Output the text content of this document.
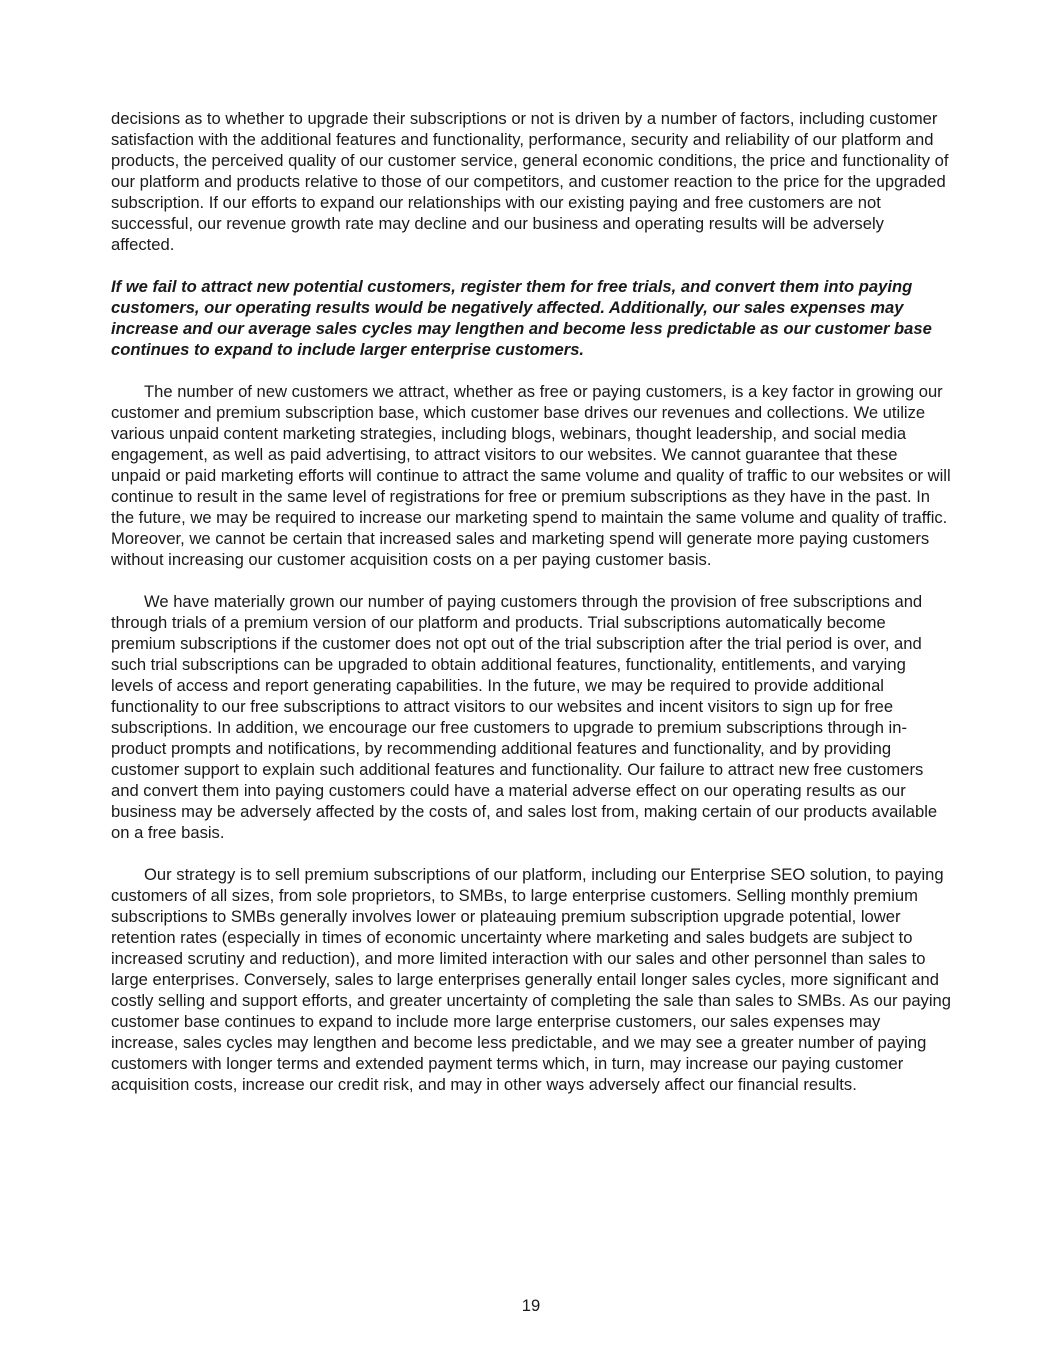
decisions as to whether to upgrade their subscriptions or not is driven by a number of factors, including customer satisfaction with the additional features and functionality, performance, security and reliability of our platform and products, the perceived quality of our customer service, general economic conditions, the price and functionality of our platform and products relative to those of our competitors, and customer reaction to the price for the upgraded subscription. If our efforts to expand our relationships with our existing paying and free customers are not successful, our revenue growth rate may decline and our business and operating results will be adversely affected.

If we fail to attract new potential customers, register them for free trials, and convert them into paying customers, our operating results would be negatively affected. Additionally, our sales expenses may increase and our average sales cycles may lengthen and become less predictable as our customer base continues to expand to include larger enterprise customers.

The number of new customers we attract, whether as free or paying customers, is a key factor in growing our customer and premium subscription base, which customer base drives our revenues and collections. We utilize various unpaid content marketing strategies, including blogs, webinars, thought leadership, and social media engagement, as well as paid advertising, to attract visitors to our websites. We cannot guarantee that these unpaid or paid marketing efforts will continue to attract the same volume and quality of traffic to our websites or will continue to result in the same level of registrations for free or premium subscriptions as they have in the past. In the future, we may be required to increase our marketing spend to maintain the same volume and quality of traffic. Moreover, we cannot be certain that increased sales and marketing spend will generate more paying customers without increasing our customer acquisition costs on a per paying customer basis.

We have materially grown our number of paying customers through the provision of free subscriptions and through trials of a premium version of our platform and products. Trial subscriptions automatically become premium subscriptions if the customer does not opt out of the trial subscription after the trial period is over, and such trial subscriptions can be upgraded to obtain additional features, functionality, entitlements, and varying levels of access and report generating capabilities. In the future, we may be required to provide additional functionality to our free subscriptions to attract visitors to our websites and incent visitors to sign up for free subscriptions. In addition, we encourage our free customers to upgrade to premium subscriptions through in-product prompts and notifications, by recommending additional features and functionality, and by providing customer support to explain such additional features and functionality. Our failure to attract new free customers and convert them into paying customers could have a material adverse effect on our operating results as our business may be adversely affected by the costs of, and sales lost from, making certain of our products available on a free basis.

Our strategy is to sell premium subscriptions of our platform, including our Enterprise SEO solution, to paying customers of all sizes, from sole proprietors, to SMBs, to large enterprise customers. Selling monthly premium subscriptions to SMBs generally involves lower or plateauing premium subscription upgrade potential, lower retention rates (especially in times of economic uncertainty where marketing and sales budgets are subject to increased scrutiny and reduction), and more limited interaction with our sales and other personnel than sales to large enterprises. Conversely, sales to large enterprises generally entail longer sales cycles, more significant and costly selling and support efforts, and greater uncertainty of completing the sale than sales to SMBs. As our paying customer base continues to expand to include more large enterprise customers, our sales expenses may increase, sales cycles may lengthen and become less predictable, and we may see a greater number of paying customers with longer terms and extended payment terms which, in turn, may increase our paying customer acquisition costs, increase our credit risk, and may in other ways adversely affect our financial results.

19
